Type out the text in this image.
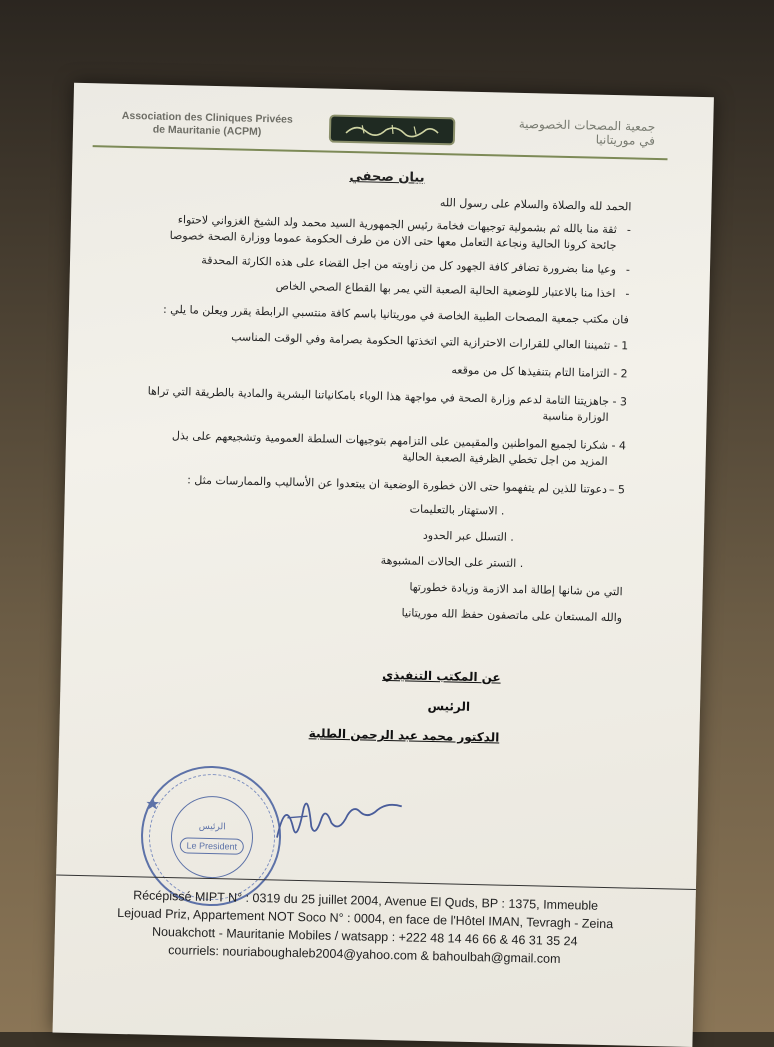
Association des Cliniques Privées
de Mauritanie (ACPM)	جمعية المصحات الخصوصية
في موريتانيا
بيان صحفي
الحمد لله والصلاة والسلام على رسول الله
-
ثقة منا بالله ثم بشمولية توجيهات فخامة رئيس الجمهورية السيد محمد ولد الشيخ الغزواني لاحتواء جائحة كرونا الحالية ونجاعة التعامل معها حتى الان من طرف الحكومة عموما ووزارة الصحة خصوصا
-
وعيا منا بضرورة تضافر كافة الجهود كل من زاويته من اجل القضاء على هذه الكارثة المحدقة
-
اخذا منا بالاعتبار للوضعية الحالية الصعبة التي يمر بها القطاع الصحي الخاص
فان مكتب جمعية المصحات الطبية الخاصة في موريتانيا باسم كافة منتسبي الرابطة يقرر ويعلن ما يلي :
1 -
تثميننا العالي للقرارات الاحترازية التي اتخذتها الحكومة بصرامة وفي الوقت المناسب
2 -
التزامنا التام بتنفيذها كل من موقعه
3 -
جاهزيتنا التامة لدعم وزارة الصحة في مواجهة هذا الوباء بامكانياتنا البشرية والمادية بالطريقة التي تراها الوزارة مناسبة
4 -
شكرنا لجميع المواطنين والمقيمين على التزامهم بتوجيهات السلطة العمومية وتشجيعهم على بذل المزيد من اجل تخطي الظرفية الصعبة الحالية
5 –
دعوتنا للذين لم يتفهموا حتى الان خطورة الوضعية ان يبتعدوا عن الأساليب والممارسات مثل :
. الاستهتار بالتعليمات
. التسلل عبر الحدود
. التستر على الحالات المشبوهة
التي من شانها إطالة امد الازمة وزيادة خطورتها
والله المستعان على ماتصفون حفظ الله موريتانيا
عن المكتب التنفيذي
الرئيس
الدكتور محمد عبد الرحمن الطلبة
الرئيس
Le President
Récépissé MIPT N° : 0319 du 25 juillet 2004, Avenue El Quds, BP : 1375, Immeuble
Lejouad Priz, Appartement NOT Soco N° : 0004, en face de l'Hôtel IMAN, Tevragh - Zeina
Nouakchott - Mauritanie Mobiles / watsapp : +222 48 14 46 66 & 46 31 35 24
courriels: nouriaboughaleb2004@yahoo.com & bahoulbah@gmail.com
